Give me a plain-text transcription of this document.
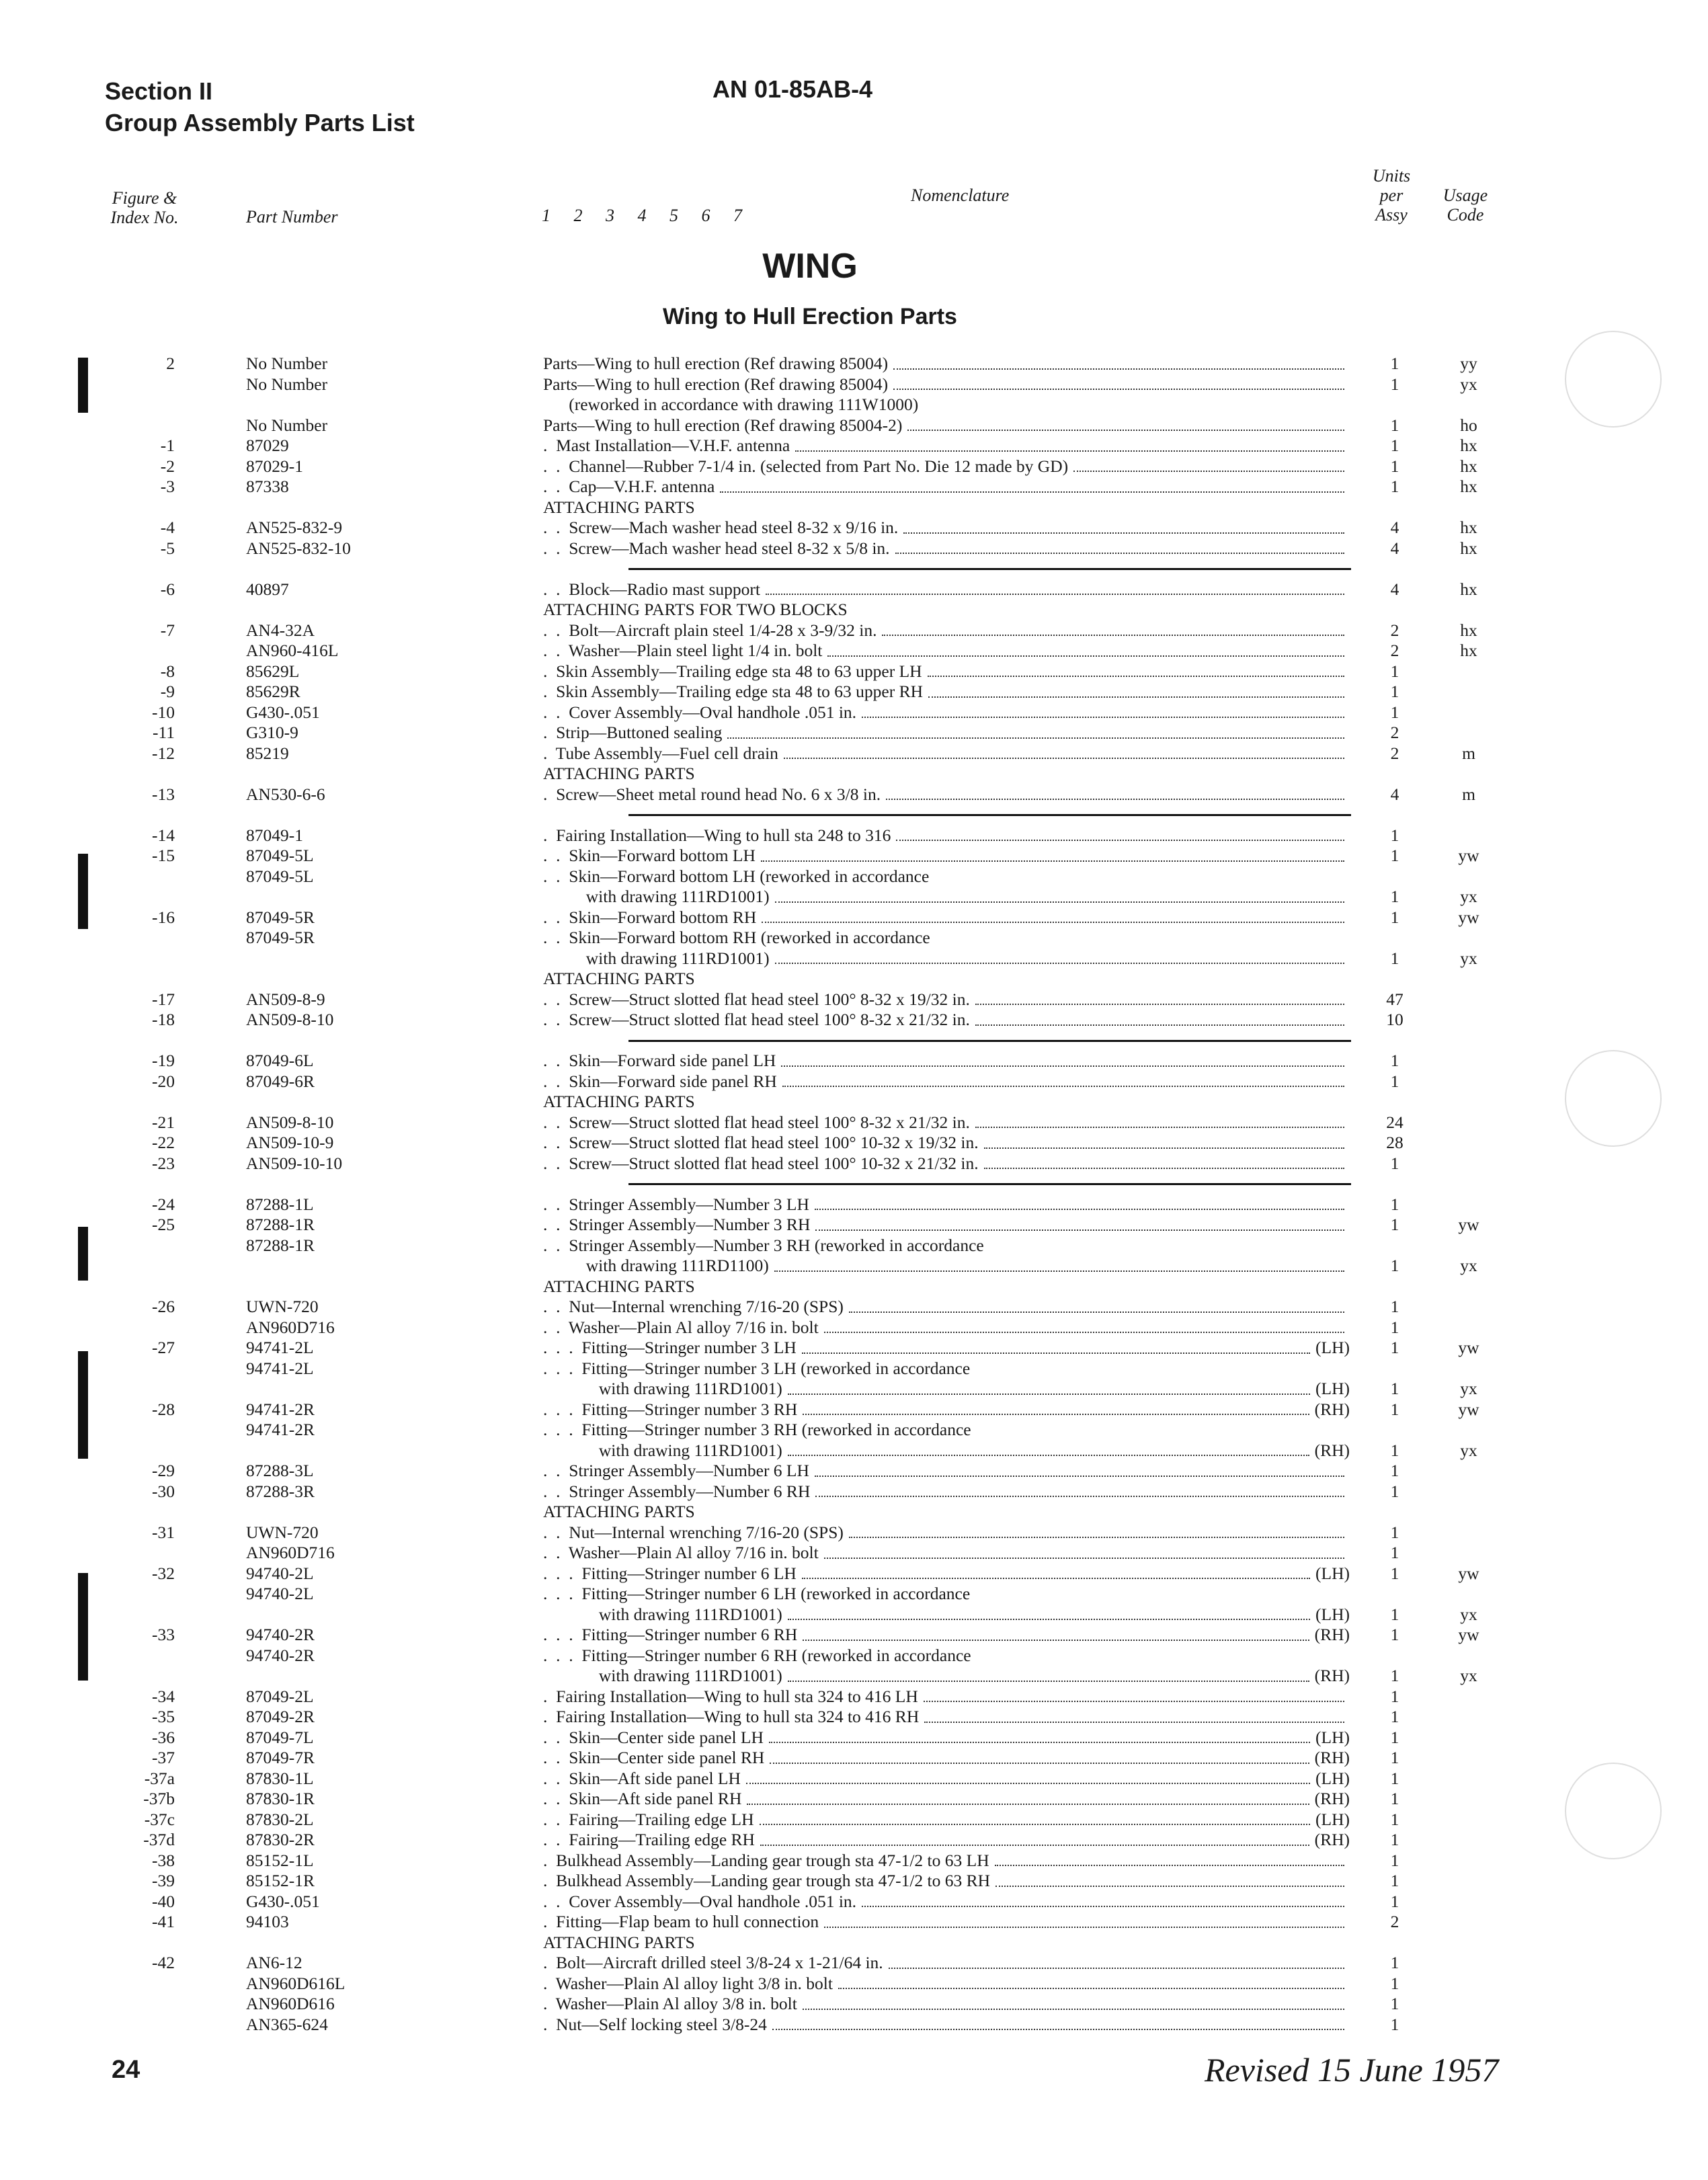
Section II
Group Assembly Parts List
AN 01-85AB-4
Figure &
Index No.	Part Number	1 2 3 4 5 6 7
Nomenclature
Units
per
Assy
Usage
Code
WING
Wing to Hull Erection Parts
2	No Number	Parts—Wing to hull erection (Ref drawing 85004)	1	yy
No Number	Parts—Wing to hull erection (Ref drawing 85004)	1	yx
(reworked in accordance with drawing 111W1000)
No Number	Parts—Wing to hull erection (Ref drawing 85004-2)	1	ho
-1	87029	.  Mast Installation—V.H.F. antenna	1	hx
-2	87029-1	.  .  Channel—Rubber 7-1/4 in. (selected from Part No. Die 12 made by GD)	1	hx
-3	87338	.  .  Cap—V.H.F. antenna	1	hx
ATTACHING PARTS
-4	AN525-832-9	.  .  Screw—Mach washer head steel 8-32 x 9/16 in.	4	hx
-5	AN525-832-10	.  .  Screw—Mach washer head steel 8-32 x 5/8 in.	4	hx
-6	40897	.  .  Block—Radio mast support	4	hx
ATTACHING PARTS FOR TWO BLOCKS
-7	AN4-32A	.  .  Bolt—Aircraft plain steel 1/4-28 x 3-9/32 in.	2	hx
AN960-416L	.  .  Washer—Plain steel light 1/4 in. bolt	2	hx
-8	85629L	.  Skin Assembly—Trailing edge sta 48 to 63 upper LH	1
-9	85629R	.  Skin Assembly—Trailing edge sta 48 to 63 upper RH	1
-10	G430-.051	.  .  Cover Assembly—Oval handhole .051 in.	1
-11	G310-9	.  Strip—Buttoned sealing	2
-12	85219	.  Tube Assembly—Fuel cell drain	2	m
ATTACHING PARTS
-13	AN530-6-6	.  Screw—Sheet metal round head No. 6 x 3/8 in.	4	m
-14	87049-1	.  Fairing Installation—Wing to hull sta 248 to 316	1
-15	87049-5L	.  .  Skin—Forward bottom LH	1	yw
87049-5L	.  .  Skin—Forward bottom LH (reworked in accordance
with drawing 111RD1001)	1	yx
-16	87049-5R	.  .  Skin—Forward bottom RH	1	yw
87049-5R	.  .  Skin—Forward bottom RH (reworked in accordance
with drawing 111RD1001)	1	yx
ATTACHING PARTS
-17	AN509-8-9	.  .  Screw—Struct slotted flat head steel 100° 8-32 x 19/32 in.	47
-18	AN509-8-10	.  .  Screw—Struct slotted flat head steel 100° 8-32 x 21/32 in.	10
-19	87049-6L	.  .  Skin—Forward side panel LH	1
-20	87049-6R	.  .  Skin—Forward side panel RH	1
ATTACHING PARTS
-21	AN509-8-10	.  .  Screw—Struct slotted flat head steel 100° 8-32 x 21/32 in.	24
-22	AN509-10-9	.  .  Screw—Struct slotted flat head steel 100° 10-32 x 19/32 in.	28
-23	AN509-10-10	.  .  Screw—Struct slotted flat head steel 100° 10-32 x 21/32 in.	1
-24	87288-1L	.  .  Stringer Assembly—Number 3 LH	1
-25	87288-1R	.  .  Stringer Assembly—Number 3 RH	1	yw
87288-1R	.  .  Stringer Assembly—Number 3 RH (reworked in accordance
with drawing 111RD1100)	1	yx
ATTACHING PARTS
-26	UWN-720	.  .  Nut—Internal wrenching 7/16-20 (SPS)	1
AN960D716	.  .  Washer—Plain Al alloy 7/16 in. bolt	1
-27	94741-2L	.  .  .  Fitting—Stringer number 3 LH	(LH)	1	yw
94741-2L	.  .  .  Fitting—Stringer number 3 LH (reworked in accordance
with drawing 111RD1001)	(LH)	1	yx
-28	94741-2R	.  .  .  Fitting—Stringer number 3 RH	(RH)	1	yw
94741-2R	.  .  .  Fitting—Stringer number 3 RH (reworked in accordance
with drawing 111RD1001)	(RH)	1	yx
-29	87288-3L	.  .  Stringer Assembly—Number 6 LH	1
-30	87288-3R	.  .  Stringer Assembly—Number 6 RH	1
ATTACHING PARTS
-31	UWN-720	.  .  Nut—Internal wrenching 7/16-20 (SPS)	1
AN960D716	.  .  Washer—Plain Al alloy 7/16 in. bolt	1
-32	94740-2L	.  .  .  Fitting—Stringer number 6 LH	(LH)	1	yw
94740-2L	.  .  .  Fitting—Stringer number 6 LH (reworked in accordance
with drawing 111RD1001)	(LH)	1	yx
-33	94740-2R	.  .  .  Fitting—Stringer number 6 RH	(RH)	1	yw
94740-2R	.  .  .  Fitting—Stringer number 6 RH (reworked in accordance
with drawing 111RD1001)	(RH)	1	yx
-34	87049-2L	.  Fairing Installation—Wing to hull sta 324 to 416 LH	1
-35	87049-2R	.  Fairing Installation—Wing to hull sta 324 to 416 RH	1
-36	87049-7L	.  .  Skin—Center side panel LH	(LH)	1
-37	87049-7R	.  .  Skin—Center side panel RH	(RH)	1
-37a	87830-1L	.  .  Skin—Aft side panel LH	(LH)	1
-37b	87830-1R	.  .  Skin—Aft side panel RH	(RH)	1
-37c	87830-2L	.  .  Fairing—Trailing edge LH	(LH)	1
-37d	87830-2R	.  .  Fairing—Trailing edge RH	(RH)	1
-38	85152-1L	.  Bulkhead Assembly—Landing gear trough sta 47-1/2 to 63 LH	1
-39	85152-1R	.  Bulkhead Assembly—Landing gear trough sta 47-1/2 to 63 RH	1
-40	G430-.051	.  .  Cover Assembly—Oval handhole .051 in.	1
-41	94103	.  Fitting—Flap beam to hull connection	2
ATTACHING PARTS
-42	AN6-12	.  Bolt—Aircraft drilled steel 3/8-24 x 1-21/64 in.	1
AN960D616L	.  Washer—Plain Al alloy light 3/8 in. bolt	1
AN960D616	.  Washer—Plain Al alloy 3/8 in. bolt	1
AN365-624	.  Nut—Self locking steel 3/8-24	1
24	Revised 15 June 1957
